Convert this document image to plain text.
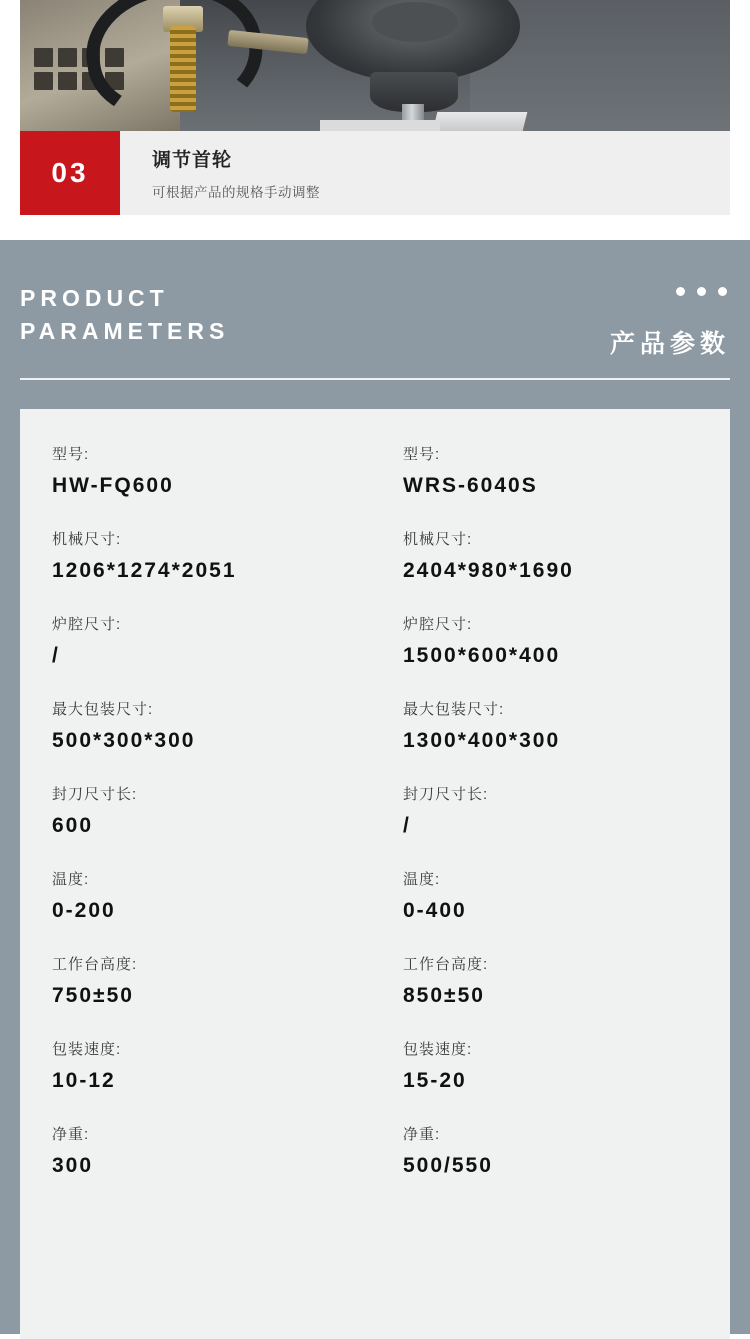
03	调节首轮
可根据产品的规格手动调整
PRODUCT
PARAMETERS	产品参数
型号:
HW-FQ600
机械尺寸:
1206*1274*2051
炉腔尺寸:
/
最大包装尺寸:
500*300*300
封刀尺寸长:
600
温度:
0-200
工作台高度:
750±50
包装速度:
10-12
净重:
300
型号:
WRS-6040S
机械尺寸:
2404*980*1690
炉腔尺寸:
1500*600*400
最大包装尺寸:
1300*400*300
封刀尺寸长:
/
温度:
0-400
工作台高度:
850±50
包装速度:
15-20
净重:
500/550
